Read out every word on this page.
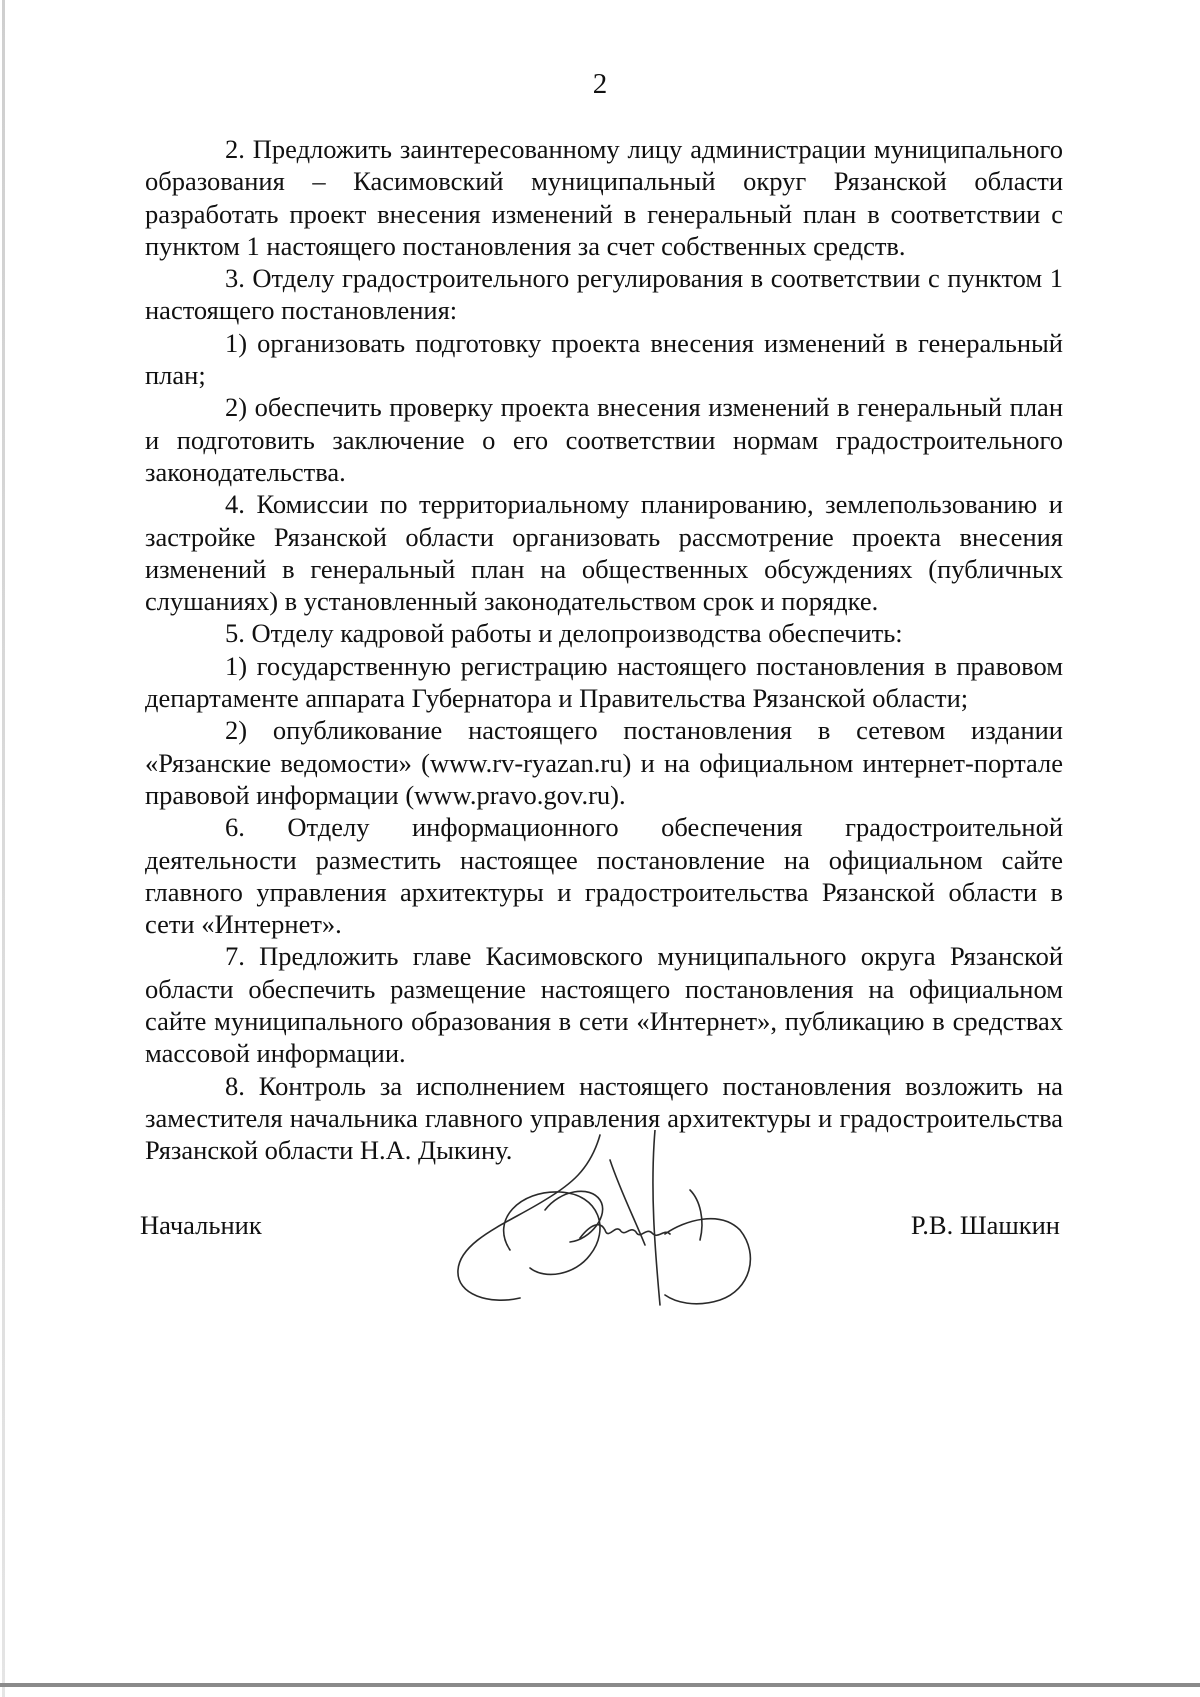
2

2. Предложить заинтересованному лицу администрации муниципального образования – Касимовский муниципальный округ Рязанской области разработать проект внесения изменений в генеральный план в соответствии с пунктом 1 настоящего постановления за счет собственных средств.

3. Отделу градостроительного регулирования в соответствии с пунктом 1 настоящего постановления:

1) организовать подготовку проекта внесения изменений в генеральный план;

2) обеспечить проверку проекта внесения изменений в генеральный план и подготовить заключение о его соответствии нормам градостроительного законодательства.

4. Комиссии по территориальному планированию, землепользованию и застройке Рязанской области организовать рассмотрение проекта внесения изменений в генеральный план на общественных обсуждениях (публичных слушаниях) в установленный законодательством срок и порядке.

5. Отделу кадровой работы и делопроизводства обеспечить:

1) государственную регистрацию настоящего постановления в правовом департаменте аппарата Губернатора и Правительства Рязанской области;

2) опубликование настоящего постановления в сетевом издании «Рязанские ведомости» (www.rv-ryazan.ru) и на официальном интернет-портале правовой информации (www.pravo.gov.ru).

6. Отделу информационного обеспечения градостроительной деятельности разместить настоящее постановление на официальном сайте главного управления архитектуры и градостроительства Рязанской области в сети «Интернет».

7. Предложить главе Касимовского муниципального округа Рязанской области обеспечить размещение настоящего постановления на официальном сайте муниципального образования в сети «Интернет», публикацию в средствах массовой информации.

8. Контроль за исполнением настоящего постановления возложить на заместителя начальника главного управления архитектуры и градостроительства Рязанской области Н.А. Дыкину.

Начальник	Р.В. Шашкин
